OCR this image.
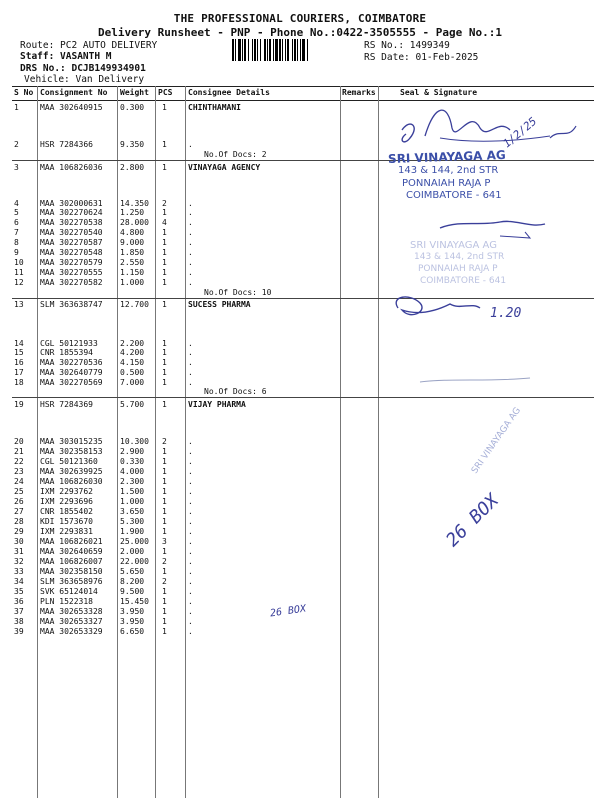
THE PROFESSIONAL COURIERS, COIMBATORE
Delivery Runsheet - PNP - Phone No.:0422-3505555 - Page No.:1
Route: PC2 AUTO DELIVERY
Staff: VASANTH M
DRS No.: DCJB149934901
Vehicle: Van Delivery
RS No.: 1499349
RS Date: 01-Feb-2025
S No Consignment No Weight PCS Consignee Details	Remarks	Seal & Signature
1	MAA 302640915 0.300 1	CHINTHAMANI
2	HSR 7284366	9.350 1	.
3	MAA 106826036 2.800 1	VINAYAGA AGENCY
4	MAA 302000631 14.350 2	.
5	MAA 302270624 1.250 1	.
6	MAA 302270538 28.000 4	.
7	MAA 302270540 4.800 1	.
8	MAA 302270587 9.000 1	.
9	MAA 302270548 1.850 1	.
10 MAA 302270579 2.550 1	.
11 MAA 302270555 1.150 1	.
12 MAA 302270582 1.000 1	.
13 SLM 363638747 12.700 1	SUCESS PHARMA
14 CGL 50121933	2.200 1	.
15 CNR 1855394	4.200 1	.
16 MAA 302270536 4.150 1	.
17 MAA 302640779 0.500 1	.
18 MAA 302270569 7.000 1	.
19 HSR 7284369	5.700 1	VIJAY PHARMA
20 MAA 303015235 10.300 2	.
21 MAA 302358153 2.900 1	.
22 CGL 50121360	0.330 1	.
23 MAA 302639925 4.000 1	.
24 MAA 106826030 2.300 1	.
25 IXM 2293762	1.500 1	.
26 IXM 2293696	1.000 1	.
27 CNR 1855402	3.650 1	.
28 KDI 1573670	5.300 1	.
29 IXM 2293831	1.900 1	.
30 MAA 106826021 25.000 3	.
31 MAA 302640659 2.000 1	.
32 MAA 106826007 22.000 2	.
33 MAA 302358150 5.650 1	.
34 SLM 363658976 8.200 2	.
35 SVK 65124014	9.500 1	.
36 PLN 1522318	15.450 1	.
37 MAA 302653328 3.950 1	.
38 MAA 302653327 3.950 1	.
39 MAA 302653329 6.650 1	.
No.Of Docs: 2
No.Of Docs: 10
No.Of Docs: 6
SRI VINAYAGA AG
143 & 144, 2nd STR
PONNAIAH RAJA P
COIMBATORE - 641
SRI VINAYAGA AG
143 & 144, 2nd STR
PONNAIAH RAJA P
COIMBATORE - 641
1/2/25
1.20
26 BOX
26 BOX
SRI VINAYAGA AG
